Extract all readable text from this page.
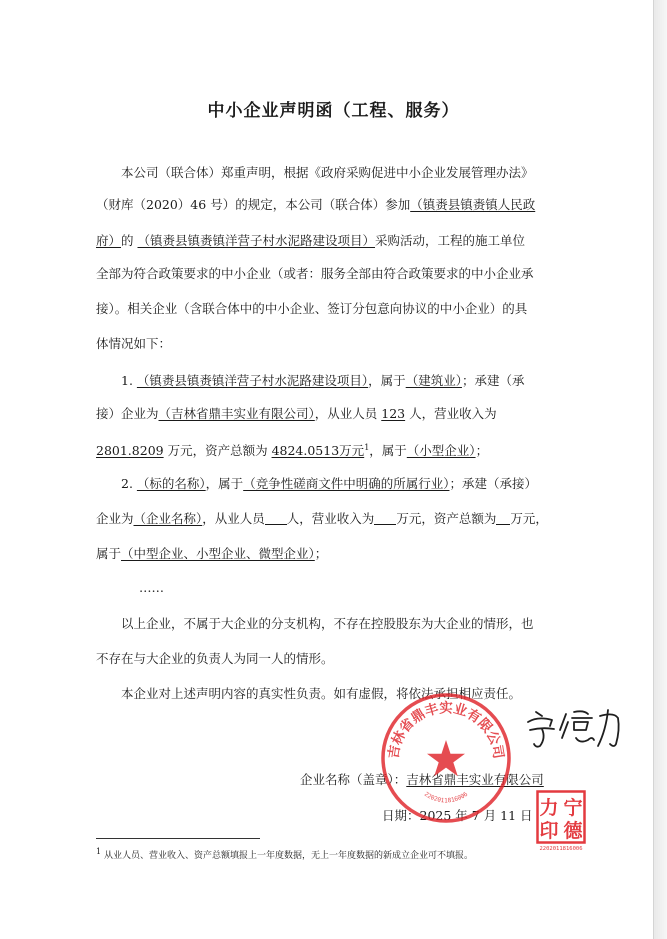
中小企业声明函（工程、服务）
本公司（联合体）郑重声明，根据《政府采购促进中小企业发展管理办法》
（财库（2020）46 号）的规定，本公司（联合体）参加（镇赉县镇赉镇人民政
府）的 （镇赉县镇赉镇洋营子村水泥路建设项目）采购活动，工程的施工单位
全部为符合政策要求的中小企业（或者：服务全部由符合政策要求的中小企业承
接）。相关企业（含联合体中的中小企业、签订分包意向协议的中小企业）的具
体情况如下：
1. （镇赉县镇赉镇洋营子村水泥路建设项目），属于（建筑业）；承建（承
接）企业为（吉林省鼎丰实业有限公司），从业人员 123 人，营业收入为
2801.8209 万元，资产总额为 4824.0513万元$^1$，属于（小型企业）；
2. （标的名称），属于（竞争性磋商文件中明确的所属行业）；承建（承接）
企业为（企业名称），从业人员 人，营业收入为 万元，资产总额为 万元，
属于（中型企业、小型企业、微型企业）；
……
以上企业，不属于大企业的分支机构，不存在控股股东为大企业的情形，也
不存在与大企业的负责人为同一人的情形。
本企业对上述声明内容的真实性负责。如有虚假，将依法承担相应责任。
企业名称（盖章）：吉林省鼎丰实业有限公司
日期：2025 年 7 月 11 日
吉林省鼎丰实业有限公司
2202011816006
宁
力
德
印
2202011816006
$^1$ 从业人员、营业收入、资产总额填报上一年度数据，无上一年度数据的新成立企业可不填报。
